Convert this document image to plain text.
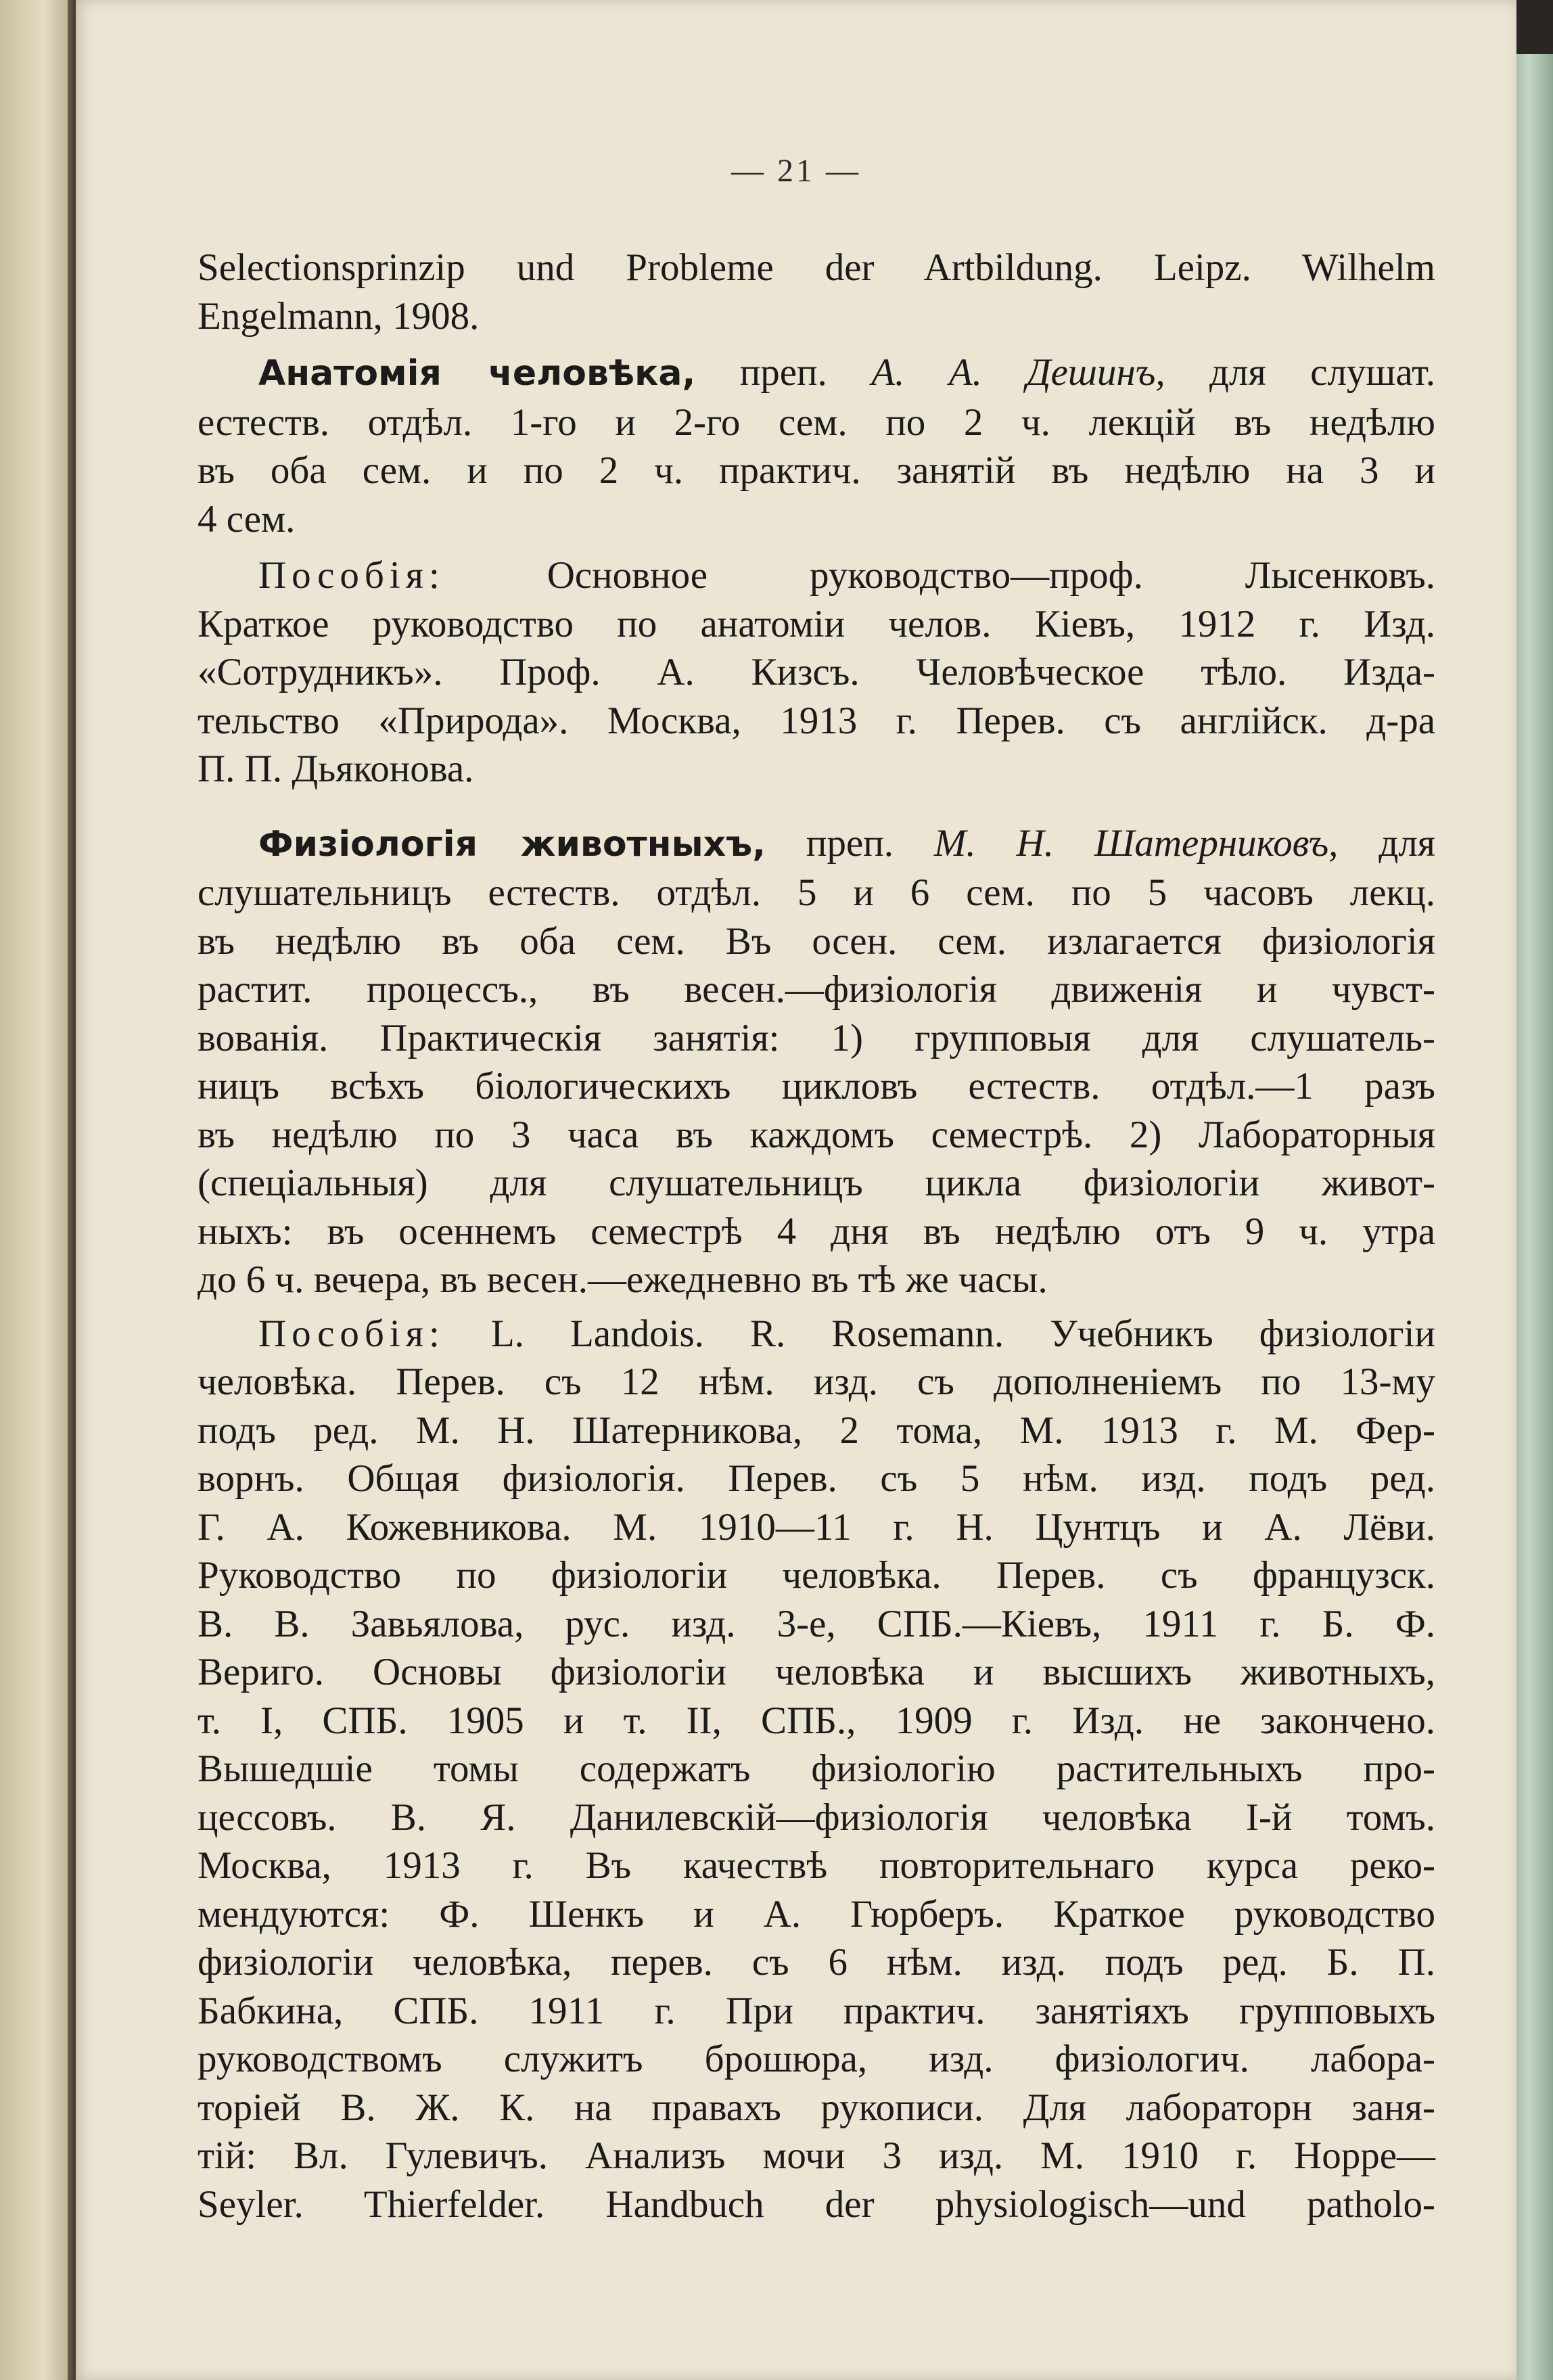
— 21 —

Selectionsprinzip und Probleme der Artbildung. Leipz. Wilhelm
Engelmann, 1908.

Анатомія человѣка, преп. А. А. Дешинъ, для слушат.
естеств. отдѣл. 1-го и 2-го сем. по 2 ч. лекцій въ недѣлю
въ оба сем. и по 2 ч. практич. занятій въ недѣлю на 3 и
4 сем.

Пособія: Основное руководство—проф. Лысенковъ.
Краткое руководство по анатоміи челов. Кіевъ, 1912 г. Изд.
«Сотрудникъ». Проф. А. Кизсъ. Человѣческое тѣло. Изда-
тельство «Природа». Москва, 1913 г. Перев. съ англійск. д-ра
П. П. Дьяконова.

Физіологія животныхъ, преп. М. Н. Шатерниковъ, для
слушательницъ естеств. отдѣл. 5 и 6 сем. по 5 часовъ лекц.
въ недѣлю въ оба сем. Въ осен. сем. излагается физіологія
растит. процессъ., въ весен.—физіологія движенія и чувст-
вованія. Практическія занятія: 1) групповыя для слушатель-
ницъ всѣхъ біологическихъ цикловъ естеств. отдѣл.—1 разъ
въ недѣлю по 3 часа въ каждомъ семестрѣ. 2) Лабораторныя
(спеціальныя) для слушательницъ цикла физіологіи живот-
ныхъ: въ осеннемъ семестрѣ 4 дня въ недѣлю отъ 9 ч. утра
до 6 ч. вечера, въ весен.—ежедневно въ тѣ же часы.

Пособія: L. Landois. R. Rosemann. Учебникъ физіологіи
человѣка. Перев. съ 12 нѣм. изд. съ дополненіемъ по 13-му
подъ ред. М. Н. Шатерникова, 2 тома, М. 1913 г. М. Фер-
ворнъ. Общая физіологія. Перев. съ 5 нѣм. изд. подъ ред.
Г. А. Кожевникова. М. 1910—11 г. Н. Цунтцъ и А. Лёви.
Руководство по физіологіи человѣка. Перев. съ французск.
В. В. Завьялова, рус. изд. 3-е, СПБ.—Кіевъ, 1911 г. Б. Ф.
Вериго. Основы физіологіи человѣка и высшихъ животныхъ,
т. I, СПБ. 1905 и т. II, СПБ., 1909 г. Изд. не закончено.
Вышедшіе томы содержатъ физіологію растительныхъ про-
цессовъ. В. Я. Данилевскій—физіологія человѣка I-й томъ.
Москва, 1913 г. Въ качествѣ повторительнаго курса реко-
мендуются: Ф. Шенкъ и А. Гюрберъ. Краткое руководство
физіологіи человѣка, перев. съ 6 нѣм. изд. подъ ред. Б. П.
Бабкина, СПБ. 1911 г. При практич. занятіяхъ групповыхъ
руководствомъ служитъ брошюра, изд. физіологич. лабора-
торіей В. Ж. К. на правахъ рукописи. Для лабораторн заня-
тій: Вл. Гулевичъ. Анализъ мочи 3 изд. М. 1910 г. Hoppe—
Seyler. Thierfelder. Handbuch der physiologisch—und patholo-
